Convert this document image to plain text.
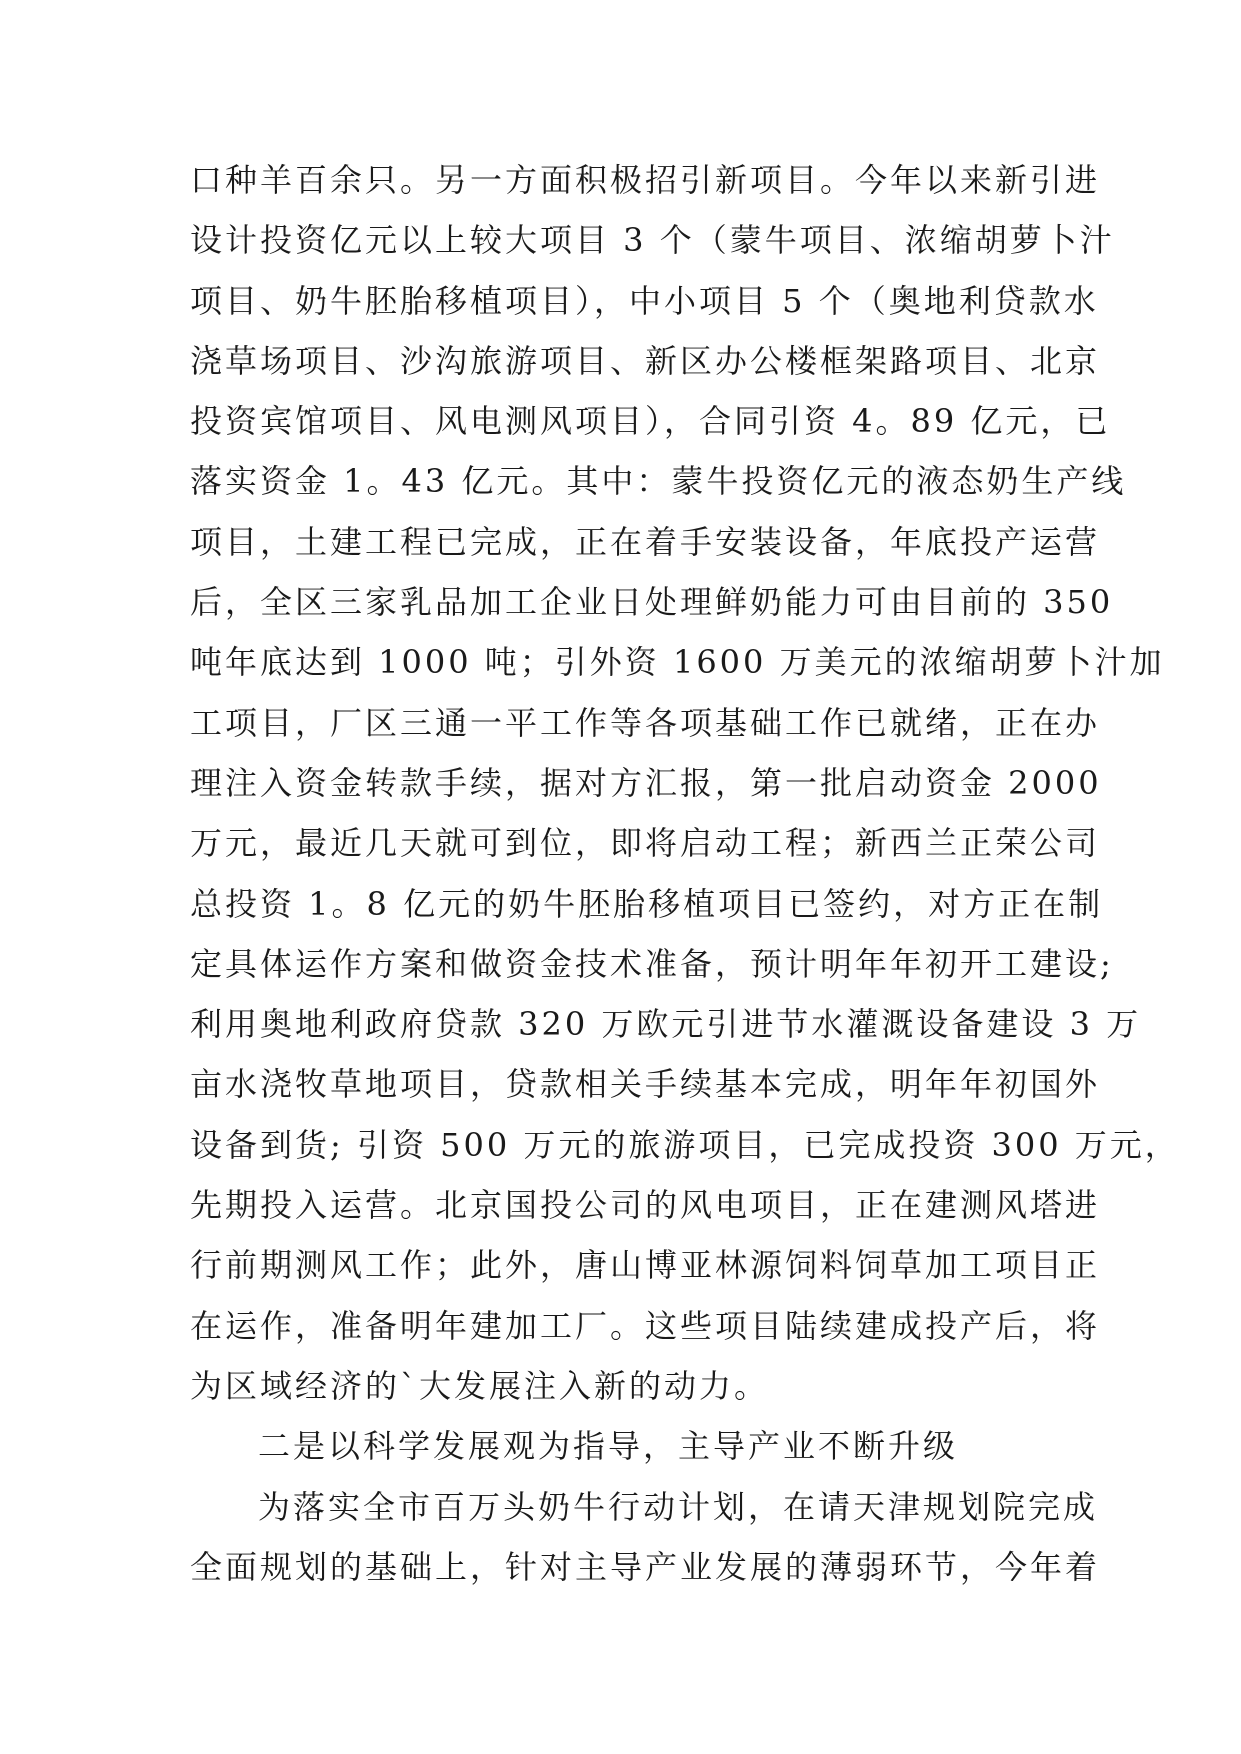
口种羊百余只。另一方面积极招引新项目。今年以来新引进
设计投资亿元以上较大项目 3 个（蒙牛项目、浓缩胡萝卜汁
项目、奶牛胚胎移植项目），中小项目 5 个（奥地利贷款水
浇草场项目、沙沟旅游项目、新区办公楼框架路项目、北京
投资宾馆项目、风电测风项目），合同引资 4。89 亿元，已
落实资金 1。43 亿元。其中：蒙牛投资亿元的液态奶生产线
项目，土建工程已完成，正在着手安装设备，年底投产运营
后，全区三家乳品加工企业日处理鲜奶能力可由目前的 350
吨年底达到 1000 吨；引外资 1600 万美元的浓缩胡萝卜汁加
工项目，厂区三通一平工作等各项基础工作已就绪，正在办
理注入资金转款手续，据对方汇报，第一批启动资金 2000
万元，最近几天就可到位，即将启动工程；新西兰正荣公司
总投资 1。8 亿元的奶牛胚胎移植项目已签约，对方正在制
定具体运作方案和做资金技术准备，预计明年年初开工建设;
利用奥地利政府贷款 320 万欧元引进节水灌溉设备建设 3 万
亩水浇牧草地项目，贷款相关手续基本完成，明年年初国外
设备到货; 引资 500 万元的旅游项目，已完成投资 300 万元，
先期投入运营。北京国投公司的风电项目，正在建测风塔进
行前期测风工作；此外，唐山博亚林源饲料饲草加工项目正
在运作，准备明年建加工厂。这些项目陆续建成投产后，将
为区域经济的`大发展注入新的动力。
二是以科学发展观为指导，主导产业不断升级
为落实全市百万头奶牛行动计划，在请天津规划院完成
全面规划的基础上，针对主导产业发展的薄弱环节，今年着
